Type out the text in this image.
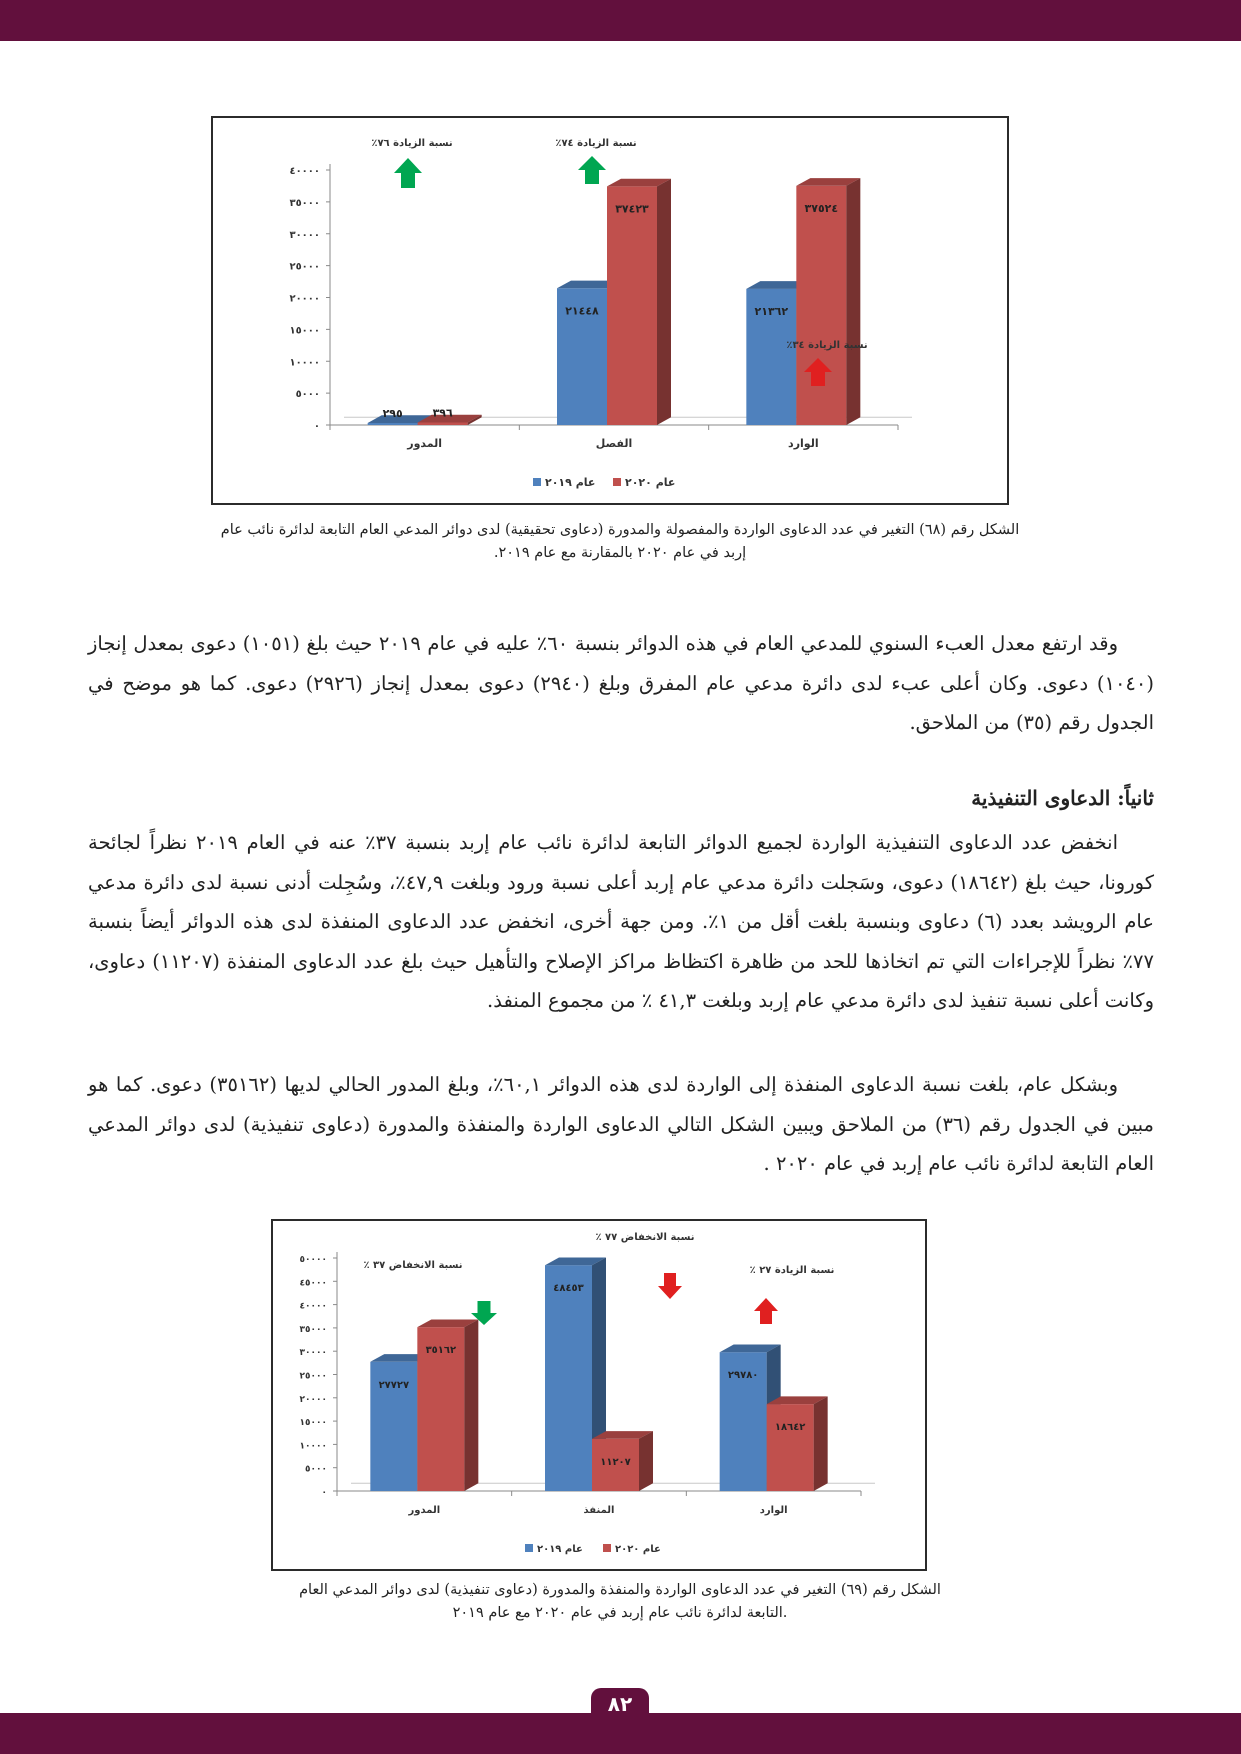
٠
٥٠٠٠
١٠٠٠٠
١٥٠٠٠
٢٠٠٠٠
٢٥٠٠٠
٣٠٠٠٠
٣٥٠٠٠
٤٠٠٠٠
الوارد
٢١٣٦٢
٣٧٥٢٤
نسبة الزيادة ٧٦٪
الفصل
٢١٤٤٨
٣٧٤٢٣
نسبة الزيادة ٧٤٪
المدور
٢٩٥	٣٩٦
نسبة الزيادة ٣٤٪
عام ٢٠٢٠
عام ٢٠١٩
الشكل رقم (٦٨) التغير في عدد الدعاوى الواردة والمفصولة والمدورة (دعاوى تحقيقية) لدى دوائر المدعي العام التابعة لدائرة نائب عام
إربد في عام ٢٠٢٠ بالمقارنة مع عام ٢٠١٩.

وقد ارتفع معدل العبء السنوي للمدعي العام في هذه الدوائر بنسبة ٦٠٪ عليه في عام ٢٠١٩ حيث بلغ (١٠٥١) دعوى بمعدل إنجاز (١٠٤٠) دعوى. وكان أعلى عبء لدى دائرة مدعي عام المفرق وبلغ (٢٩٤٠) دعوى بمعدل إنجاز (٢٩٢٦) دعوى. كما هو موضح في الجدول رقم (٣٥) من الملاحق.

ثانياً: الدعاوى التنفيذية

انخفض عدد الدعاوى التنفيذية الواردة لجميع الدوائر التابعة لدائرة نائب عام إربد بنسبة ٣٧٪ عنه في العام ٢٠١٩ نظراً لجائحة كورونا، حيث بلغ (١٨٦٤٢) دعوى، وسَجلت دائرة مدعي عام إربد أعلى نسبة ورود وبلغت ٤٧,٩٪، وسُجِلت أدنى نسبة لدى دائرة مدعي عام الرويشد بعدد (٦) دعاوى وبنسبة بلغت أقل من ١٪. ومن جهة أخرى، انخفض عدد الدعاوى المنفذة لدى هذه الدوائر أيضاً بنسبة ٧٧٪ نظراً للإجراءات التي تم اتخاذها للحد من ظاهرة اكتظاظ مراكز الإصلاح والتأهيل حيث بلغ عدد الدعاوى المنفذة (١١٢٠٧) دعاوى، وكانت أعلى نسبة تنفيذ لدى دائرة مدعي عام إربد وبلغت ٤١,٣ ٪ من مجموع المنفذ.

وبشكل عام، بلغت نسبة الدعاوى المنفذة إلى الواردة لدى هذه الدوائر ٦٠,١٪، وبلغ المدور الحالي لديها (٣٥١٦٢) دعوى. كما هو مبين في الجدول رقم (٣٦) من الملاحق ويبين الشكل التالي الدعاوى الواردة والمنفذة والمدورة (دعاوى تنفيذية) لدى دوائر المدعي العام التابعة لدائرة نائب عام إربد في عام ٢٠٢٠ .

٠
٥٠٠٠
١٠٠٠٠
١٥٠٠٠
٢٠٠٠٠
٢٥٠٠٠
٣٠٠٠٠
٣٥٠٠٠
٤٠٠٠٠
٤٥٠٠٠
٥٠٠٠٠
الوارد
٢٩٧٨٠
١٨٦٤٢
نسبة الانخفاض ٣٧ ٪
المنفذ
٤٨٤٥٣
١١٢٠٧
نسبة الانخفاض ٧٧ ٪
المدور
٢٧٧٢٧
٣٥١٦٢
نسبة الزيادة ٢٧ ٪
عام ٢٠٢٠
عام ٢٠١٩
الشكل رقم (٦٩) التغير في عدد الدعاوى الواردة والمنفذة والمدورة (دعاوى تنفيذية) لدى دوائر المدعي العام
.التابعة لدائرة نائب عام إربد في عام ٢٠٢٠ مع عام ٢٠١٩
٨٢
